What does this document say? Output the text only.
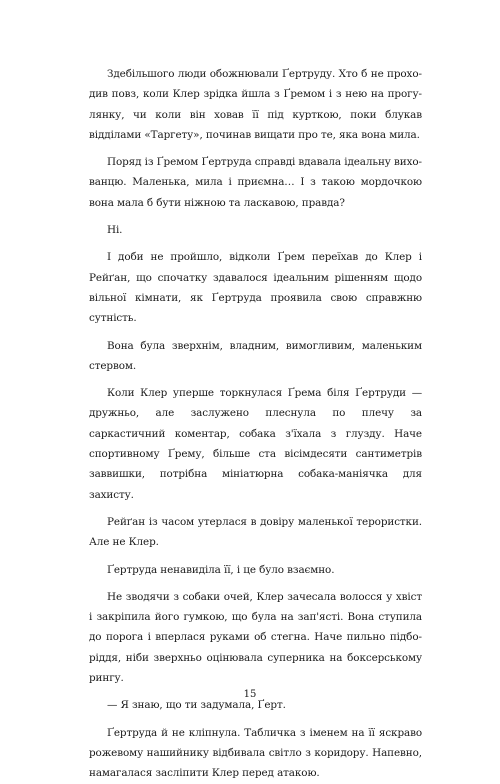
Здебільшого люди обожнювали Ґертруду. Хто б не проходив повз, коли Клер зрідка йшла з Ґремом і з нею на прогулянку, чи коли він ховав її під курткою, поки блукав відділами «Таргету», починав вищати про те, яка вона мила.

Поряд із Ґремом Ґертруда справді вдавала ідеальну вихованцю. Маленька, мила і приємна… І з такою мордочкою вона мала б бути ніжною та ласкавою, правда?

Ні.

І доби не пройшло, відколи Ґрем переїхав до Клер і Рейґан, що спочатку здавалося ідеальним рішенням щодо вільної кімнати, як Ґертруда проявила свою справжню сутність.

Вона була зверхнім, владним, вимогливим, маленьким стервом.

Коли Клер уперше торкнулася Ґрема біля Ґертруди — дружньо, але заслужено плеснула по плечу за саркастичний коментар, собака з'їхала з глузду. Наче спортивному Ґрему, більше ста вісімдесяти сантиметрів заввишки, потрібна мініатюрна собака-маніячка для захисту.

Рейґан із часом утерлася в довіру маленької терористки. Але не Клер.

Ґертруда ненавиділа її, і це було взаємно.

Не зводячи з собаки очей, Клер зачесала волосся у хвіст і закріпила його гумкою, що була на зап'ясті. Вона ступила до порога і вперлася руками об стегна. Наче пильно підборіддя, ніби зверхньо оцінювала суперника на боксерському рингу.

— Я знаю, що ти задумала, Ґерт.

Ґертруда й не кліпнула. Табличка з іменем на її яскраво рожевому нашийнику відбивала світло з коридору. Напевно, намагалася засліпити Клер перед атакою.

15
